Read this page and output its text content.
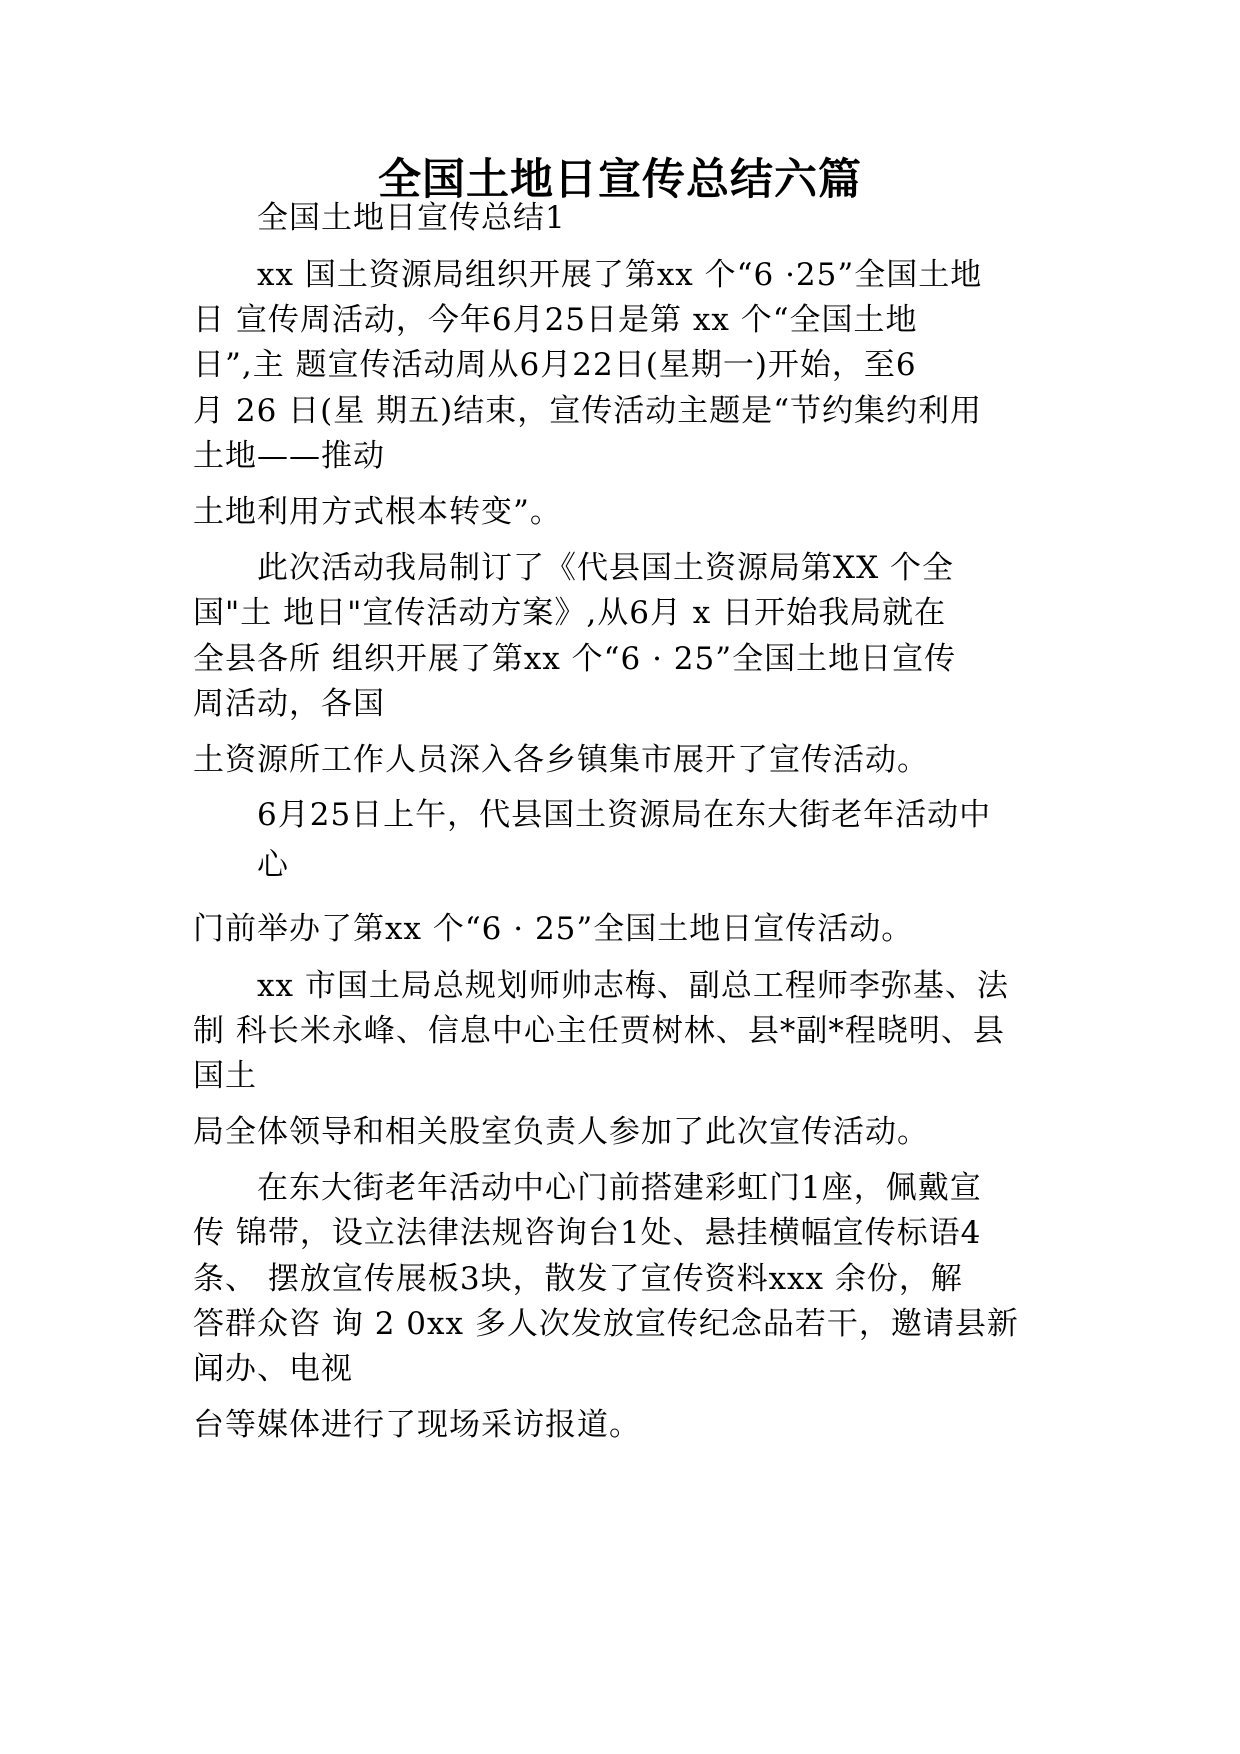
全国土地日宣传总结六篇
全国土地日宣传总结1
xx 国土资源局组织开展了第xx 个“6 ·25”全国土地
日 宣传周活动，今年6月25日是第 xx 个“全国土地
日”,主 题宣传活动周从6月22日(星期一)开始，至6
月 26 日(星 期五)结束，宣传活动主题是“节约集约利用
土地——推动
土地利用方式根本转变”。
此次活动我局制订了《代县国土资源局第XX 个全
国"土 地日"宣传活动方案》,从6月 x 日开始我局就在
全县各所 组织开展了第xx 个“6 · 25”全国土地日宣传
周活动，各国
土资源所工作人员深入各乡镇集市展开了宣传活动。
6月25日上午，代县国土资源局在东大街老年活动中
心
门前举办了第xx 个“6 · 25”全国土地日宣传活动。
xx 市国土局总规划师帅志梅、副总工程师李弥基、法
制 科长米永峰、信息中心主任贾树林、县*副*程晓明、县
国土
局全体领导和相关股室负责人参加了此次宣传活动。
在东大街老年活动中心门前搭建彩虹门1座，佩戴宣
传 锦带，设立法律法规咨询台1处、悬挂横幅宣传标语4
条、 摆放宣传展板3块，散发了宣传资料xxx 余份，解
答群众咨 询 2 0xx 多人次发放宣传纪念品若干，邀请县新
闻办、电视
台等媒体进行了现场采访报道。
